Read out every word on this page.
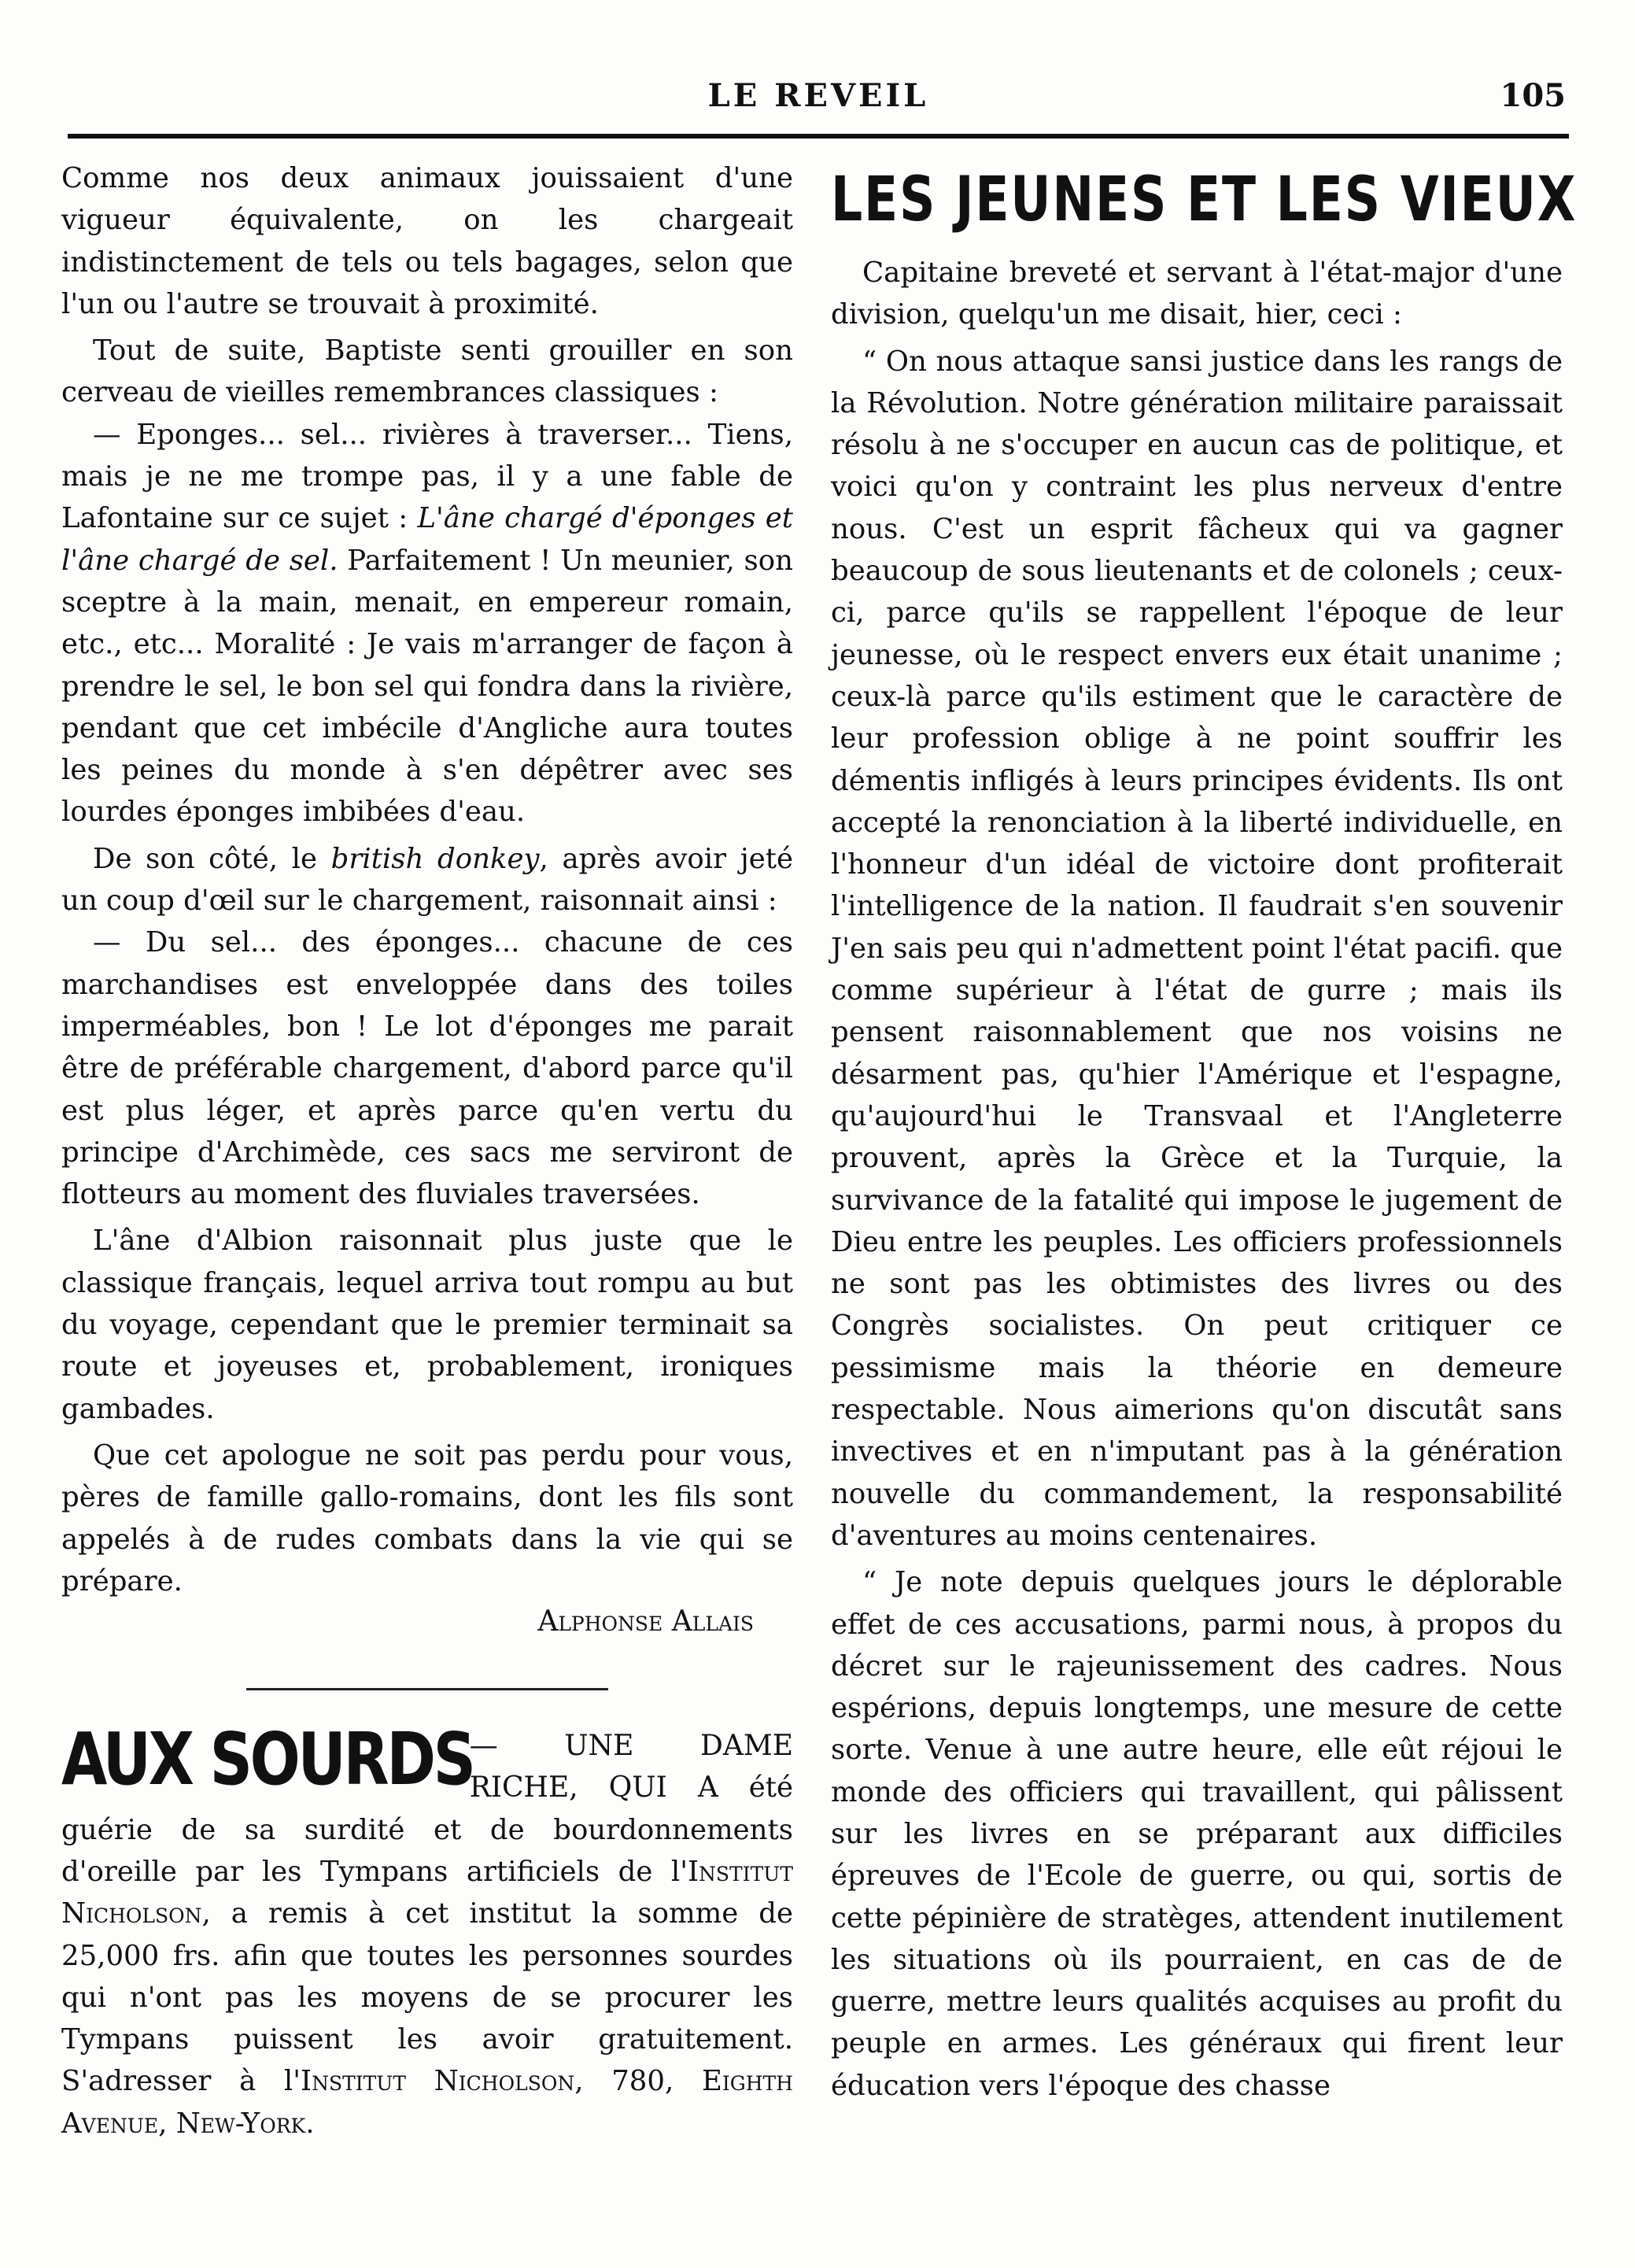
LE REVEIL	105

Comme nos deux animaux jouissaient d'une vigueur équivalente, on les chargeait indistinctement de tels ou tels bagages, selon que l'un ou l'autre se trouvait à proximité.

Tout de suite, Baptiste senti grouiller en son cerveau de vieilles remembrances classiques :

— Eponges... sel... rivières à traverser... Tiens, mais je ne me trompe pas, il y a une fable de Lafontaine sur ce sujet : L'âne chargé d'éponges et l'âne chargé de sel. Parfaitement ! Un meunier, son sceptre à la main, menait, en empereur romain, etc., etc... Moralité : Je vais m'arranger de façon à prendre le sel, le bon sel qui fondra dans la rivière, pendant que cet imbécile d'Angliche aura toutes les peines du monde à s'en dépêtrer avec ses lourdes éponges imbibées d'eau.

De son côté, le british donkey, après avoir jeté un coup d'œil sur le chargement, raisonnait ainsi :

— Du sel... des éponges... chacune de ces marchandises est enveloppée dans des toiles imperméables, bon ! Le lot d'éponges me parait être de préférable chargement, d'abord parce qu'il est plus léger, et après parce qu'en vertu du principe d'Archimède, ces sacs me serviront de flotteurs au moment des fluviales traversées.

L'âne d'Albion raisonnait plus juste que le classique français, lequel arriva tout rompu au but du voyage, cependant que le premier terminait sa route et joyeuses et, probablement, ironiques gambades.

Que cet apologue ne soit pas perdu pour vous, pères de famille gallo-romains, dont les fils sont appelés à de rudes combats dans la vie qui se prépare.

Alphonse Allais
AUX SOURDS

— UNE DAME RICHE, QUI A été guérie de sa surdité et de bourdonnements d'oreille par les Tympans artificiels de l'Institut Nicholson, a remis à cet institut la somme de 25,000 frs. afin que toutes les personnes sourdes qui n'ont pas les moyens de se procurer les Tympans puissent les avoir gratuitement. S'adresser à l'Institut Nicholson, 780, Eighth Avenue, New-York.

LES JEUNES ET LES VIEUX

Capitaine breveté et servant à l'état-major d'une division, quelqu'un me disait, hier, ceci :

“ On nous attaque sansi justice dans les rangs de la Révolution. Notre génération militaire paraissait résolu à ne s'occuper en aucun cas de politique, et voici qu'on y contraint les plus nerveux d'entre nous. C'est un esprit fâcheux qui va gagner beaucoup de sous lieutenants et de colonels ; ceux-ci, parce qu'ils se rappellent l'époque de leur jeunesse, où le respect envers eux était unanime ; ceux-là parce qu'ils estiment que le caractère de leur profession oblige à ne point souffrir les démentis infligés à leurs principes évidents. Ils ont accepté la renonciation à la liberté individuelle, en l'honneur d'un idéal de victoire dont profiterait l'intelligence de la nation. Il faudrait s'en souvenir J'en sais peu qui n'admettent point l'état pacifi. que comme supérieur à l'état de gurre ; mais ils pensent raisonnablement que nos voisins ne désarment pas, qu'hier l'Amérique et l'espagne, qu'aujourd'hui le Transvaal et l'Angleterre prouvent, après la Grèce et la Turquie, la survivance de la fatalité qui impose le jugement de Dieu entre les peuples. Les officiers professionnels ne sont pas les obtimistes des livres ou des Congrès socialistes. On peut critiquer ce pessimisme mais la théorie en demeure respectable. Nous aimerions qu'on discutât sans invectives et en n'imputant pas à la génération nouvelle du commandement, la responsabilité d'aventures au moins centenaires.

“ Je note depuis quelques jours le déplorable effet de ces accusations, parmi nous, à propos du décret sur le rajeunissement des cadres. Nous espérions, depuis longtemps, une mesure de cette sorte. Venue à une autre heure, elle eût réjoui le monde des officiers qui travaillent, qui pâlissent sur les livres en se préparant aux difficiles épreuves de l'Ecole de guerre, ou qui, sortis de cette pépinière de stratèges, attendent inutilement les situations où ils pourraient, en cas de de guerre, mettre leurs qualités acquises au profit du peuple en armes. Les généraux qui firent leur éducation vers l'époque des chasse
